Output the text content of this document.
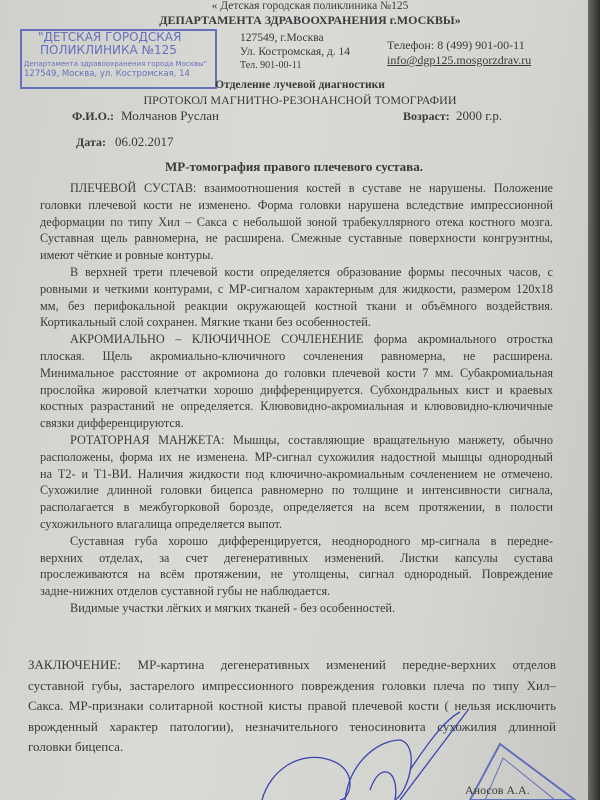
« Детская городская поликлиника №125
ДЕПАРТАМЕНТА ЗДРАВООХРАНЕНИЯ г.МОСКВЫ»
127549, г.Москва
Ул. Костромская, д. 14
Тел. 901-00-11
"ДЕТСКАЯ ГОРОДСКАЯ
ПОЛИКЛИНИКА №125
Департамента здравоохранения города Москвы"
127549, Москва, ул. Костромская, 14
Телефон: 8 (499) 901-00-11
info@dgp125.mosgorzdrav.ru
Отделение лучевой диагностики
ПРОТОКОЛ МАГНИТНО-РЕЗОНАНСНОЙ ТОМОГРАФИИ
Ф.И.О.: Молчанов Руслан	Возраст: 2000 г.р.
Дата: 06.02.2017
МР-томография правого плечевого сустава.
ПЛЕЧЕВОЙ СУСТАВ: взаимоотношения костей в суставе не нарушены. Положение
головки плечевой кости не изменено. Форма головки нарушена вследствие импрессионной
деформации по типу Хил – Сакса с небольшой зоной трабекуллярного отека костного мозга.
Суставная щель равномерна, не расширена. Смежные суставные поверхности конгруэнтны,
имеют чёткие и ровные контуры.
В верхней трети плечевой кости определяется образование формы песочных часов, с
ровными и четкими контурами, с МР-сигналом характерным для жидкости, размером 120х18
мм, без перифокальной реакции окружающей костной ткани и объёмного воздействия.
Кортикальный слой сохранен. Мягкие ткани без особенностей.
АКРОМИАЛЬНО – КЛЮЧИЧНОЕ СОЧЛЕНЕНИЕ форма акромиального отростка
плоская. Щель акромиально-ключичного сочленения равномерна, не расширена.
Минимальное расстояние от акромиона до головки плечевой кости 7 мм. Субакромиальная
прослойка жировой клетчатки хорошо дифференцируется. Субхондральных кист и краевых
костных разрастаний не определяется. Клювовидно-акромиальная и клювовидно-ключичные
связки дифференцируются.
РОТАТОРНАЯ МАНЖЕТА: Мышцы, составляющие вращательную манжету, обычно
расположены, форма их не изменена. МР-сигнал сухожилия надостной мышцы однородный
на Т2- и Т1-ВИ. Наличия жидкости под ключично-акромиальным сочленением не отмечено.
Сухожилие длинной головки бицепса равномерно по толщине и интенсивности сигнала,
располагается в межбугорковой борозде, определяется на всем протяжении, в полости
сухожильного влагалища определяется выпот.
Суставная губа хорошо дифференцируется, неоднородного мр-сигнала в передне-
верхних отделах, за счет дегенеративных изменений. Листки капсулы сустава
прослеживаются на всём протяжении, не утолщены, сигнал однородный. Повреждение
задне-нижних отделов суставной губы не наблюдается.
Видимые участки лёгких и мягких тканей - без особенностей.
ЗАКЛЮЧЕНИЕ: МР-картина дегенеративных изменений передне-верхних отделов
суставной губы, застарелого импрессионного повреждения головки плеча по типу Хил–
Сакса. МР-признаки солитарной костной кисты правой плечевой кости ( нельзя исключить
врожденный характер патологии), незначительного теносиновита сухожилия длинной
головки бицепса.
Аносов А.А.
